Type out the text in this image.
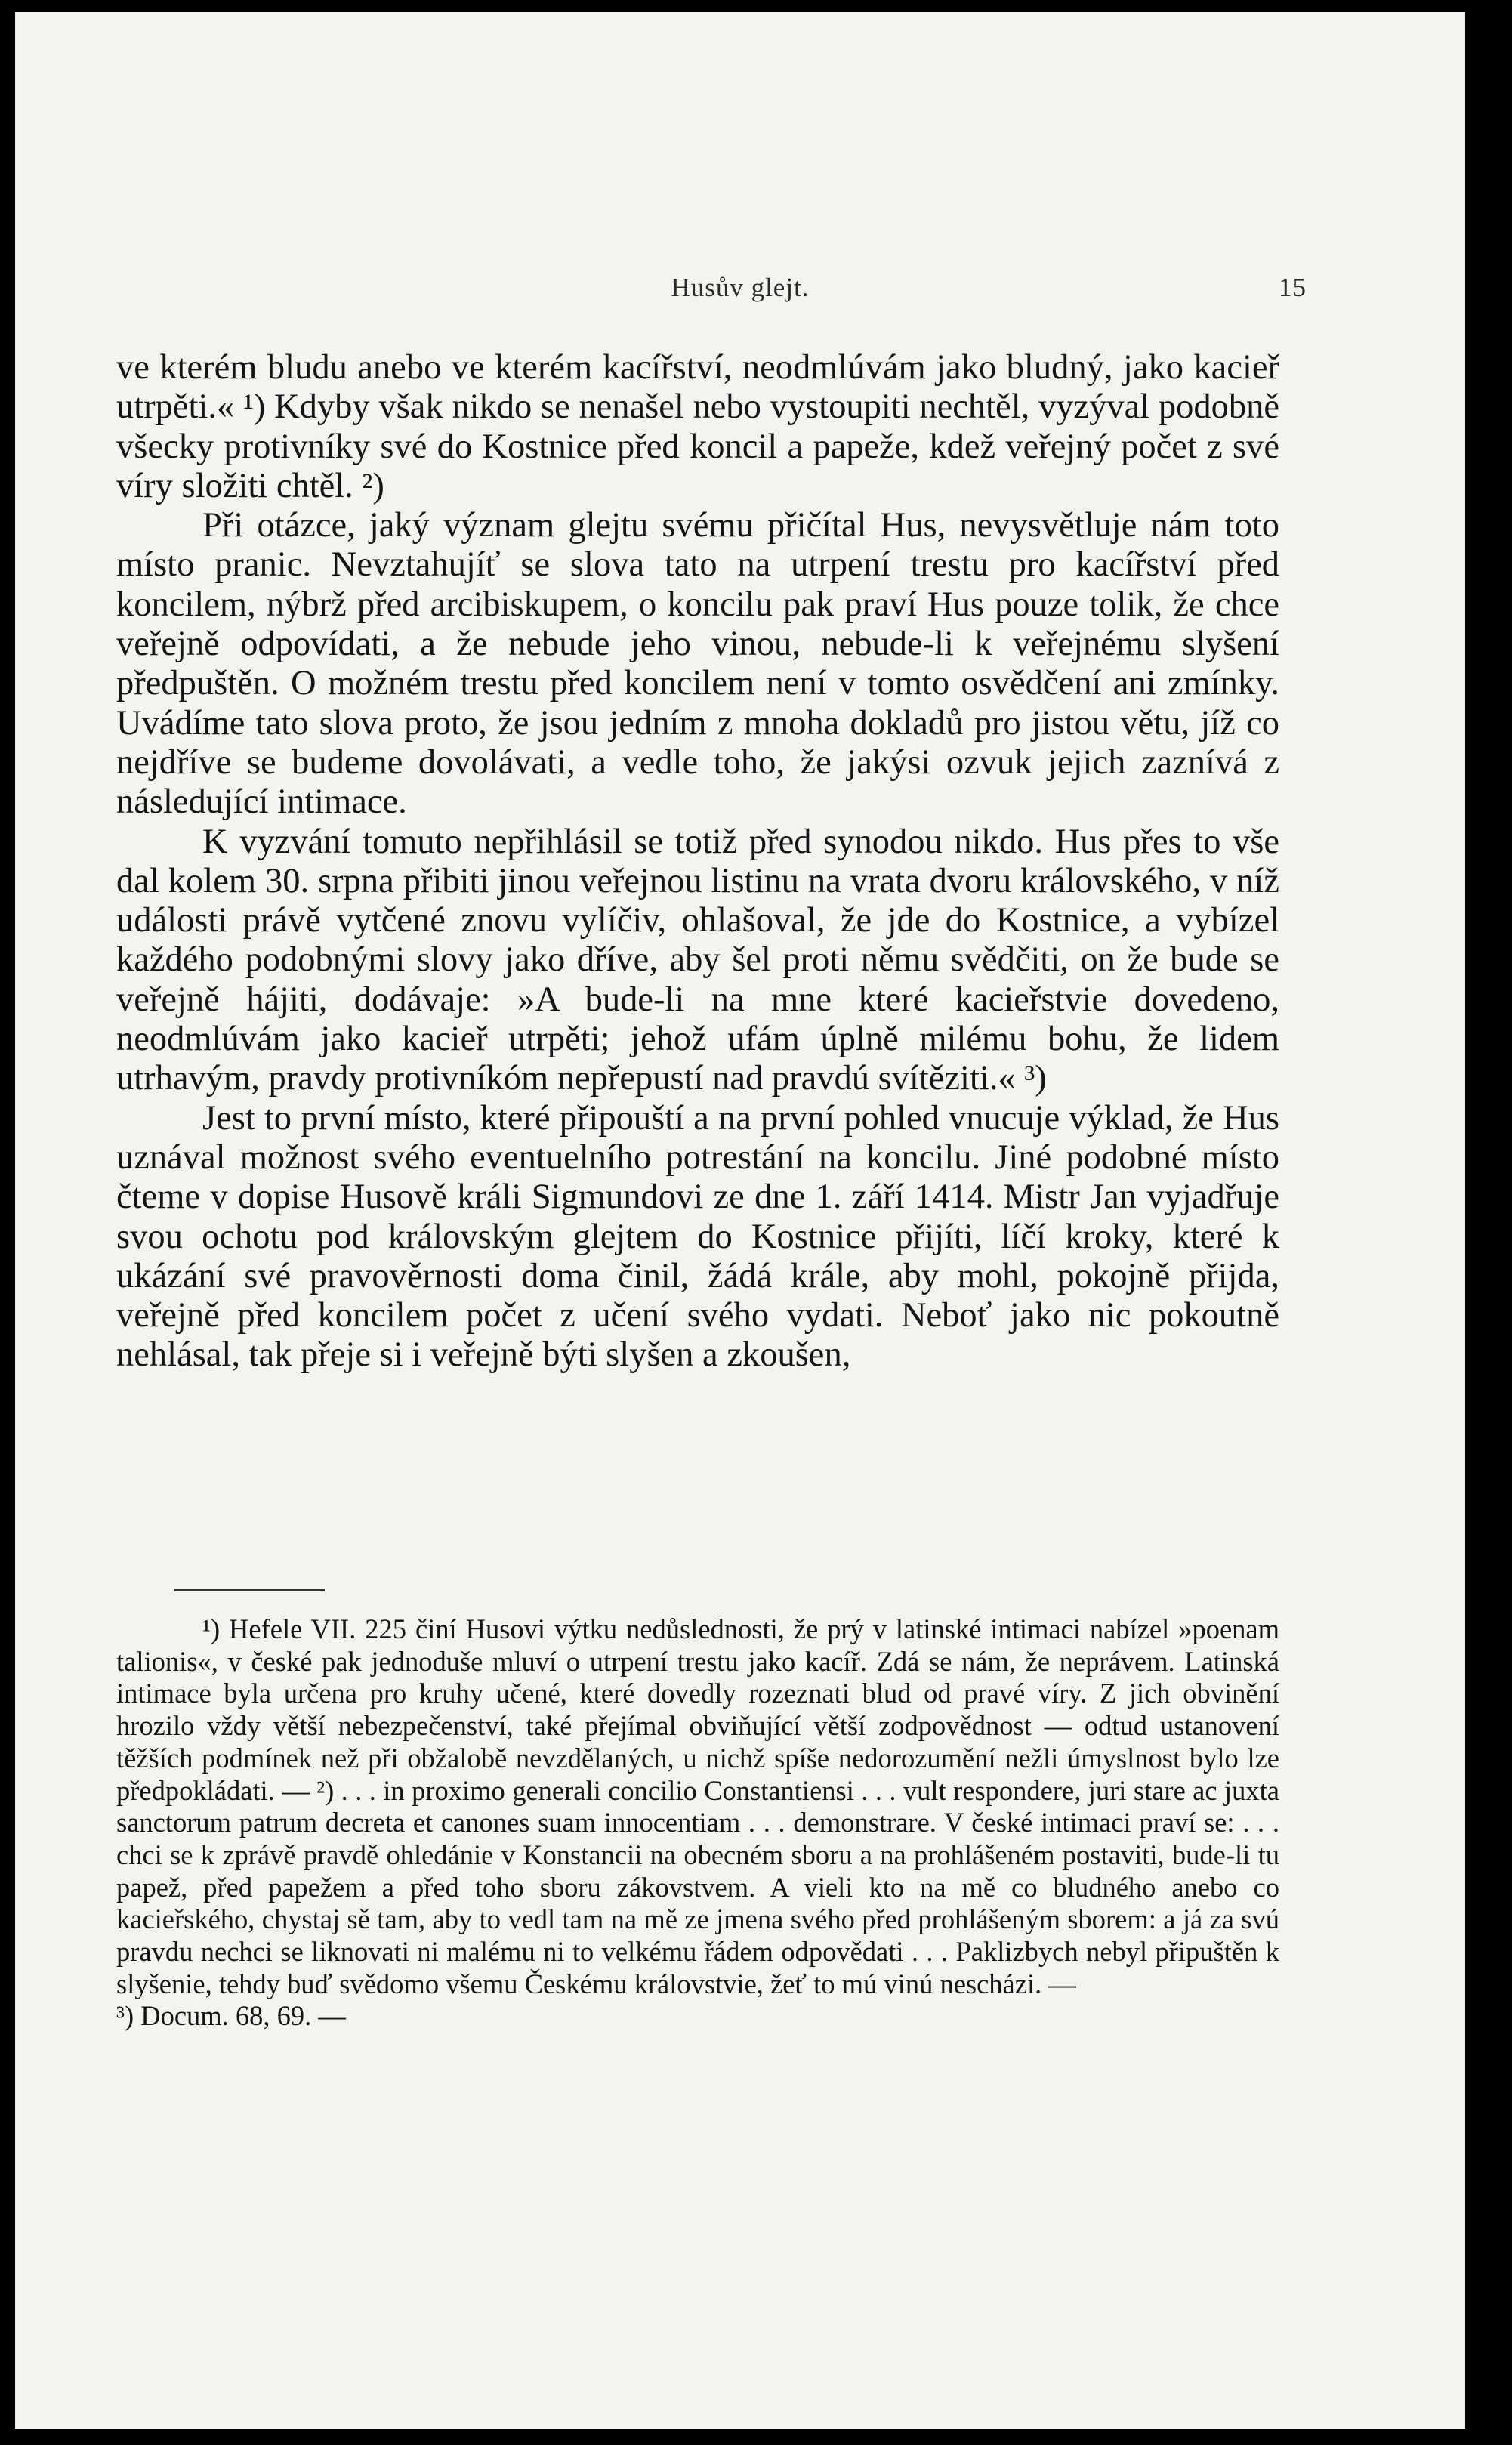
Husův glejt.	15

ve kterém bludu anebo ve kterém kacířství, neodmlúvám jako bludný, jako kacieř utrpěti.« ¹) Kdyby však nikdo se nenašel nebo vystoupiti nechtěl, vyzýval podobně všecky protivníky své do Kostnice před koncil a papeže, kdež veřejný počet z své víry složiti chtěl. ²)

Při otázce, jaký význam glejtu svému přičítal Hus, nevysvětluje nám toto místo pranic. Nevztahujíť se slova tato na utrpení trestu pro kacířství před koncilem, nýbrž před arcibiskupem, o koncilu pak praví Hus pouze tolik, že chce veřejně odpovídati, a že nebude jeho vinou, nebude-li k veřejnému slyšení předpuštěn. O možném trestu před koncilem není v tomto osvědčení ani zmínky. Uvádíme tato slova proto, že jsou jedním z mnoha dokladů pro jistou větu, jíž co nejdříve se budeme dovolávati, a vedle toho, že jakýsi ozvuk jejich zaznívá z následující intimace.

K vyzvání tomuto nepřihlásil se totiž před synodou nikdo. Hus přes to vše dal kolem 30. srpna přibiti jinou veřejnou listinu na vrata dvoru královského, v níž události právě vytčené znovu vylíčiv, ohlašoval, že jde do Kostnice, a vybízel každého podobnými slovy jako dříve, aby šel proti němu svědčiti, on že bude se veřejně hájiti, dodávaje: »A bude-li na mne které kacieřstvie dovedeno, neodmlúvám jako kacieř utrpěti; jehož ufám úplně milému bohu, že lidem utrhavým, pravdy protivníkóm nepřepustí nad pravdú svítěziti.« ³)

Jest to první místo, které připouští a na první pohled vnucuje výklad, že Hus uznával možnost svého eventuelního potrestání na koncilu. Jiné podobné místo čteme v dopise Husově králi Sigmundovi ze dne 1. září 1414. Mistr Jan vyjadřuje svou ochotu pod královským glejtem do Kostnice přijíti, líčí kroky, které k ukázání své pravověrnosti doma činil, žádá krále, aby mohl, pokojně přijda, veřejně před koncilem počet z učení svého vydati. Neboť jako nic pokoutně nehlásal, tak přeje si i veřejně býti slyšen a zkoušen,

¹) Hefele VII. 225 činí Husovi výtku nedůslednosti, že prý v latinské intimaci nabízel »poenam talionis«, v české pak jednoduše mluví o utrpení trestu jako kacíř. Zdá se nám, že neprávem. Latinská intimace byla určena pro kruhy učené, které dovedly rozeznati blud od pravé víry. Z jich obvinění hrozilo vždy větší nebezpečenství, také přejímal obviňující větší zodpovědnost — odtud ustanovení těžších podmínek než při obžalobě nevzdělaných, u nichž spíše nedorozumění nežli úmyslnost bylo lze předpokládati. — ²) . . . in proximo generali concilio Constantiensi . . . vult respondere, juri stare ac juxta sanctorum patrum decreta et canones suam innocentiam . . . demonstrare. V české intimaci praví se: . . . chci se k zprávě pravdě ohledánie v Konstancii na obecném sboru a na prohlášeném postaviti, bude-li tu papež, před papežem a před toho sboru zákovstvem. A vieli kto na mě co bludného anebo co kacieřského, chystaj sě tam, aby to vedl tam na mě ze jmena svého před prohlášeným sborem: a já za svú pravdu nechci se liknovati ni malému ni to velkému řádem odpovědati . . . Paklizbych nebyl připuštěn k slyšenie, tehdy buď svědomo všemu Českému královstvie, žeť to mú vinú nescházi. —

³) Docum. 68, 69. —
